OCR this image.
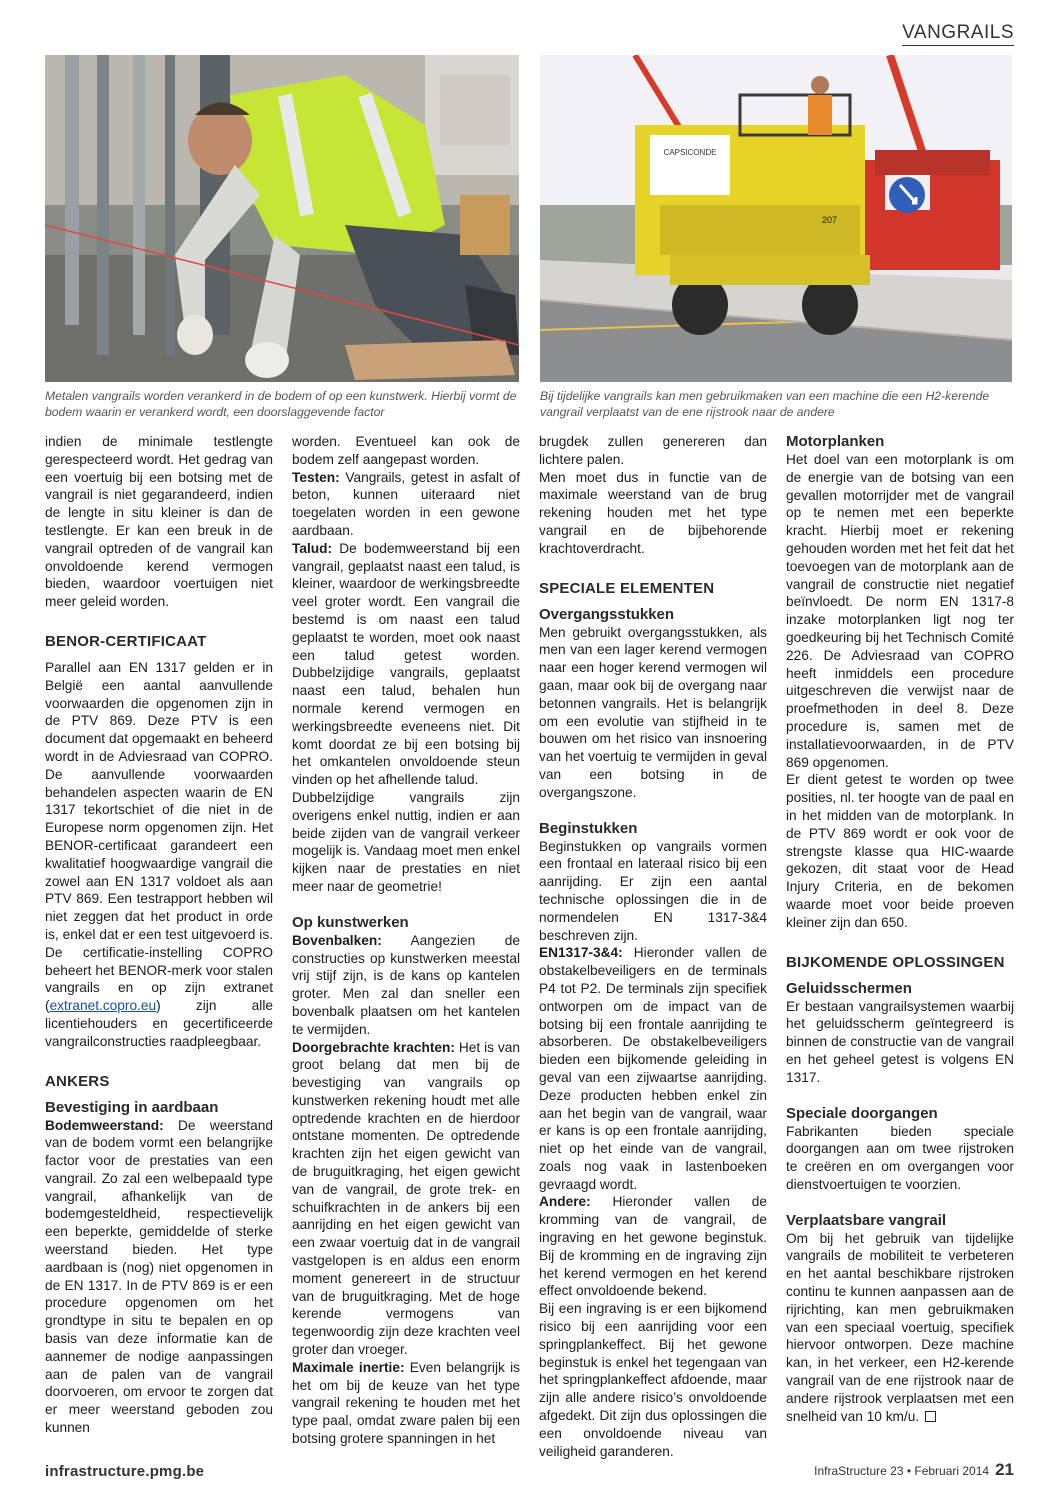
VANGRAILS
CAPSICONDE
207
Metalen vangrails worden verankerd in de bodem of op een kunstwerk. Hierbij vormt de bodem waarin er verankerd wordt, een doorslaggevende factor
Bij tijdelijke vangrails kan men gebruikmaken van een machine die een H2-kerende vangrail verplaatst van de ene rijstrook naar de andere

indien de minimale testlengte gerespecteerd wordt. Het gedrag van een voertuig bij een botsing met de vangrail is niet gegarandeerd, indien de lengte in situ kleiner is dan de testlengte. Er kan een breuk in de vangrail optreden of de vangrail kan onvoldoende kerend vermogen bieden, waardoor voertuigen niet meer geleid worden.

BENOR-CERTIFICAAT

Parallel aan EN 1317 gelden er in België een aantal aanvullende voorwaarden die opgenomen zijn in de PTV 869. Deze PTV is een document dat opgemaakt en beheerd wordt in de Adviesraad van COPRO. De aanvullende voorwaarden behandelen aspecten waarin de EN 1317 tekortschiet of die niet in de Europese norm opgenomen zijn. Het BENOR-certificaat garandeert een kwalitatief hoogwaardige vangrail die zowel aan EN 1317 voldoet als aan PTV 869. Een testrapport hebben wil niet zeggen dat het product in orde is, enkel dat er een test uitgevoerd is. De certificatie-instelling COPRO beheert het BENOR-merk voor stalen vangrails en op zijn extranet (extranet.copro.eu) zijn alle licentiehouders en gecertificeerde vangrailconstructies raadpleegbaar.

ANKERS
Bevestiging in aardbaan

Bodemweerstand: De weerstand van de bodem vormt een belangrijke factor voor de prestaties van een vangrail. Zo zal een welbepaald type vangrail, afhankelijk van de bodemgesteldheid, respectievelijk een beperkte, gemiddelde of sterke weerstand bieden. Het type aardbaan is (nog) niet opgenomen in de EN 1317. In de PTV 869 is er een procedure opgenomen om het grondtype in situ te bepalen en op basis van deze informatie kan de aannemer de nodige aanpassingen aan de palen van de vangrail doorvoeren, om ervoor te zorgen dat er meer weerstand geboden zou kunnen

worden. Eventueel kan ook de bodem zelf aangepast worden.

Testen: Vangrails, getest in asfalt of beton, kunnen uiteraard niet toegelaten worden in een gewone aardbaan.

Talud: De bodemweerstand bij een vangrail, geplaatst naast een talud, is kleiner, waardoor de werkingsbreedte veel groter wordt. Een vangrail die bestemd is om naast een talud geplaatst te worden, moet ook naast een talud getest worden. Dubbelzijdige vangrails, geplaatst naast een talud, behalen hun normale kerend vermogen en werkingsbreedte eveneens niet. Dit komt doordat ze bij een botsing bij het omkantelen onvoldoende steun vinden op het afhellende talud.

Dubbelzijdige vangrails zijn overigens enkel nuttig, indien er aan beide zijden van de vangrail verkeer mogelijk is. Vandaag moet men enkel kijken naar de prestaties en niet meer naar de geometrie!

Op kunstwerken

Bovenbalken: Aangezien de constructies op kunstwerken meestal vrij stijf zijn, is de kans op kantelen groter. Men zal dan sneller een bovenbalk plaatsen om het kantelen te vermijden.

Doorgebrachte krachten: Het is van groot belang dat men bij de bevestiging van vangrails op kunstwerken rekening houdt met alle optredende krachten en de hierdoor ontstane momenten. De optredende krachten zijn het eigen gewicht van de bruguitkraging, het eigen gewicht van de vangrail, de grote trek- en schuifkrachten in de ankers bij een aanrijding en het eigen gewicht van een zwaar voertuig dat in de vangrail vastgelopen is en aldus een enorm moment genereert in de structuur van de bruguitkraging. Met de hoge kerende vermogens van tegenwoordig zijn deze krachten veel groter dan vroeger.

Maximale inertie: Even belangrijk is het om bij de keuze van het type vangrail rekening te houden met het type paal, omdat zware palen bij een botsing grotere spanningen in het

brugdek zullen genereren dan lichtere palen.

Men moet dus in functie van de maximale weerstand van de brug rekening houden met het type vangrail en de bijbehorende krachtoverdracht.

SPECIALE ELEMENTEN
Overgangsstukken

Men gebruikt overgangsstukken, als men van een lager kerend vermogen naar een hoger kerend vermogen wil gaan, maar ook bij de overgang naar betonnen vangrails. Het is belangrijk om een evolutie van stijfheid in te bouwen om het risico van insnoering van het voertuig te vermijden in geval van een botsing in de overgangszone.

Beginstukken

Beginstukken op vangrails vormen een frontaal en lateraal risico bij een aanrijding. Er zijn een aantal technische oplossingen die in de normendelen EN 1317-3&4 beschreven zijn.

EN1317-3&4: Hieronder vallen de obstakelbeveiligers en de terminals P4 tot P2. De terminals zijn specifiek ontworpen om de impact van de botsing bij een frontale aanrijding te absorberen. De obstakelbeveiligers bieden een bijkomende geleiding in geval van een zijwaartse aanrijding. Deze producten hebben enkel zin aan het begin van de vangrail, waar er kans is op een frontale aanrijding, niet op het einde van de vangrail, zoals nog vaak in lastenboeken gevraagd wordt.

Andere: Hieronder vallen de kromming van de vangrail, de ingraving en het gewone beginstuk. Bij de kromming en de ingraving zijn het kerend vermogen en het kerend effect onvoldoende bekend.

Bij een ingraving is er een bijkomend risico bij een aanrijding voor een springplankeffect. Bij het gewone beginstuk is enkel het tegengaan van het springplankeffect afdoende, maar zijn alle andere risico’s onvoldoende afgedekt. Dit zijn dus oplossingen die een onvoldoende niveau van veiligheid garanderen.

Motorplanken

Het doel van een motorplank is om de energie van de botsing van een gevallen motorrijder met de vangrail op te nemen met een beperkte kracht. Hierbij moet er rekening gehouden worden met het feit dat het toevoegen van de motorplank aan de vangrail de constructie niet negatief beïnvloedt. De norm EN 1317-8 inzake motorplanken ligt nog ter goedkeuring bij het Technisch Comité 226. De Adviesraad van COPRO heeft inmiddels een procedure uitgeschreven die verwijst naar de proefmethoden in deel 8. Deze procedure is, samen met de installatievoorwaarden, in de PTV 869 opgenomen.

Er dient getest te worden op twee posities, nl. ter hoogte van de paal en in het midden van de motorplank. In de PTV 869 wordt er ook voor de strengste klasse qua HIC-waarde gekozen, dit staat voor de Head Injury Criteria, en de bekomen waarde moet voor beide proeven kleiner zijn dan 650.

BIJKOMENDE OPLOSSINGEN
Geluidsschermen

Er bestaan vangrailsystemen waarbij het geluidsscherm geïntegreerd is binnen de constructie van de vangrail en het geheel getest is volgens EN 1317.

Speciale doorgangen

Fabrikanten bieden speciale doorgangen aan om twee rijstroken te creëren en om overgangen voor dienstvoertuigen te voorzien.

Verplaatsbare vangrail

Om bij het gebruik van tijdelijke vangrails de mobiliteit te verbeteren en het aantal beschikbare rijstroken continu te kunnen aanpassen aan de rijrichting, kan men gebruikmaken van een speciaal voertuig, specifiek hiervoor ontworpen. Deze machine kan, in het verkeer, een H2-kerende vangrail van de ene rijstrook naar de andere rijstrook verplaatsen met een snelheid van 10 km/u.

infrastructure.pmg.be	InfraStructure 23 • Februari 2014 21
